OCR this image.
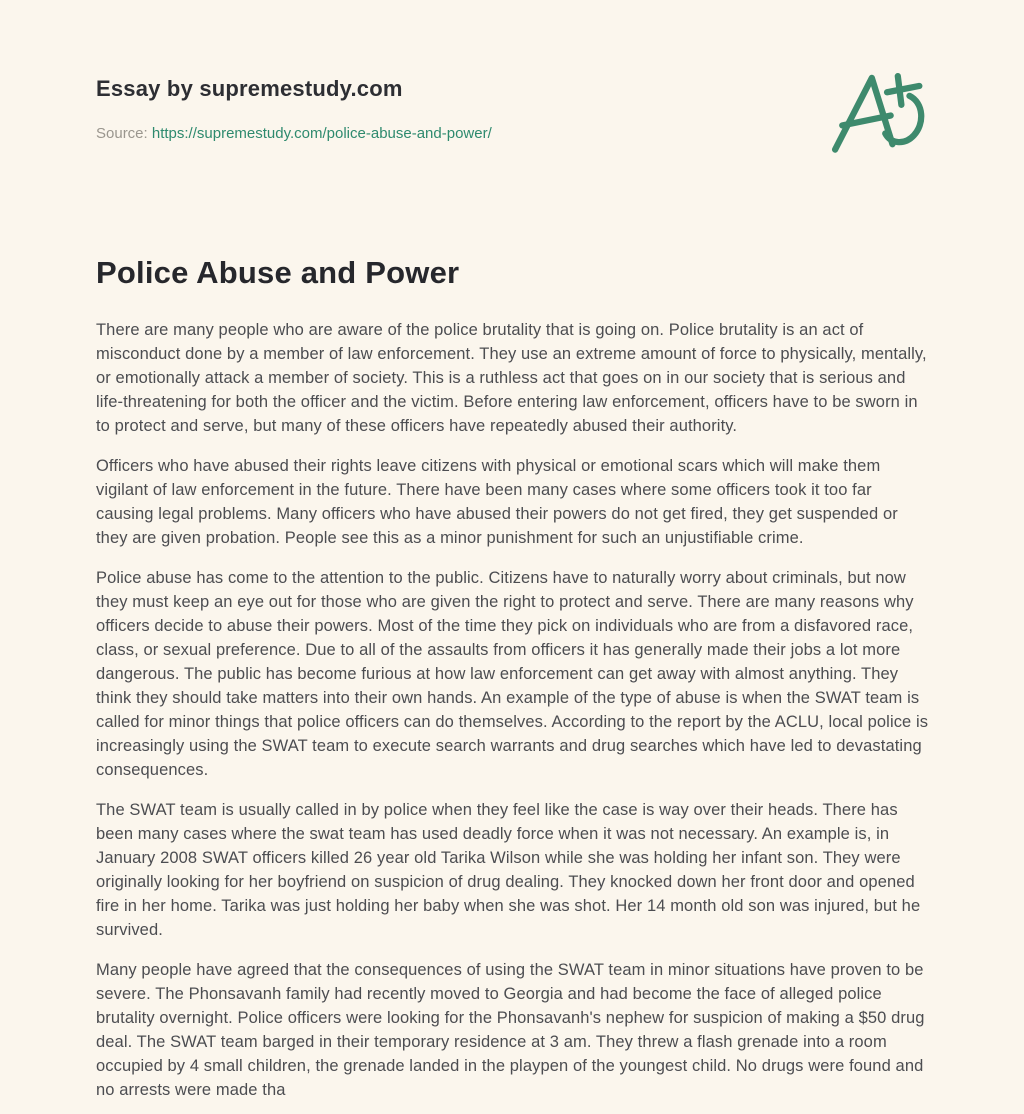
Essay by supremestudy.com
Source: https://supremestudy.com/police-abuse-and-power/
Police Abuse and Power

There are many people who are aware of the police brutality that is going on. Police brutality is an act of misconduct done by a member of law enforcement. They use an extreme amount of force to physically, mentally, or emotionally attack a member of society. This is a ruthless act that goes on in our society that is serious and life-threatening for both the officer and the victim. Before entering law enforcement, officers have to be sworn in to protect and serve, but many of these officers have repeatedly abused their authority.

Officers who have abused their rights leave citizens with physical or emotional scars which will make them vigilant of law enforcement in the future. There have been many cases where some officers took it too far causing legal problems. Many officers who have abused their powers do not get fired, they get suspended or they are given probation. People see this as a minor punishment for such an unjustifiable crime.

Police abuse has come to the attention to the public. Citizens have to naturally worry about criminals, but now they must keep an eye out for those who are given the right to protect and serve. There are many reasons why officers decide to abuse their powers. Most of the time they pick on individuals who are from a disfavored race, class, or sexual preference. Due to all of the assaults from officers it has generally made their jobs a lot more dangerous. The public has become furious at how law enforcement can get away with almost anything. They think they should take matters into their own hands. An example of the type of abuse is when the SWAT team is called for minor things that police officers can do themselves. According to the report by the ACLU, local police is increasingly using the SWAT team to execute search warrants and drug searches which have led to devastating consequences.

The SWAT team is usually called in by police when they feel like the case is way over their heads. There has been many cases where the swat team has used deadly force when it was not necessary. An example is, in January 2008 SWAT officers killed 26 year old Tarika Wilson while she was holding her infant son. They were originally looking for her boyfriend on suspicion of drug dealing. They knocked down her front door and opened fire in her home. Tarika was just holding her baby when she was shot. Her 14 month old son was injured, but he survived.

Many people have agreed that the consequences of using the SWAT team in minor situations have proven to be severe. The Phonsavanh family had recently moved to Georgia and had become the face of alleged police brutality overnight. Police officers were looking for the Phonsavanh's nephew for suspicion of making a $50 drug deal. The SWAT team barged in their temporary residence at 3 am. They threw a flash grenade into a room occupied by 4 small children, the grenade landed in the playpen of the youngest child. No drugs were found and no arrests were made tha
